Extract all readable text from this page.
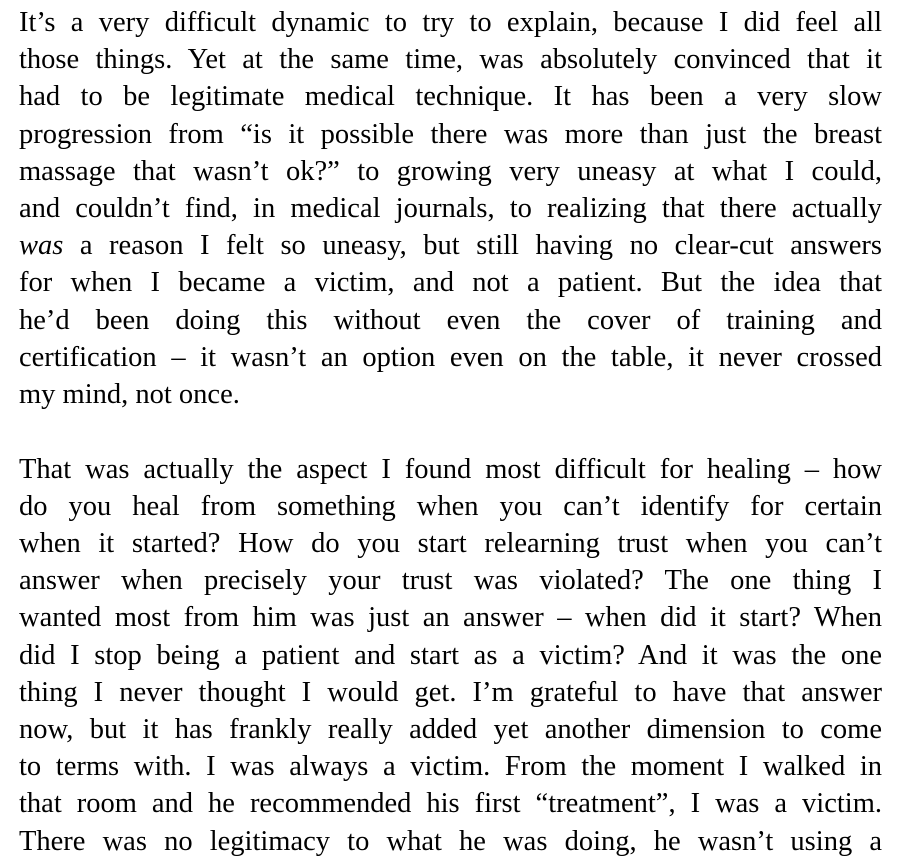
It’s a very difficult dynamic to try to explain, because I did feel all
those things. Yet at the same time, was absolutely convinced that it
had to be legitimate medical technique. It has been a very slow
progression from “is it possible there was more than just the breast
massage that wasn’t ok?” to growing very uneasy at what I could,
and couldn’t find, in medical journals, to realizing that there actually
was a reason I felt so uneasy, but still having no clear-cut answers
for when I became a victim, and not a patient. But the idea that
he’d been doing this without even the cover of training and
certification – it wasn’t an option even on the table, it never crossed
my mind, not once.

That was actually the aspect I found most difficult for healing – how
do you heal from something when you can’t identify for certain
when it started? How do you start relearning trust when you can’t
answer when precisely your trust was violated? The one thing I
wanted most from him was just an answer – when did it start? When
did I stop being a patient and start as a victim? And it was the one
thing I never thought I would get. I’m grateful to have that answer
now, but it has frankly really added yet another dimension to come
to terms with. I was always a victim. From the moment I walked in
that room and he recommended his first “treatment”, I was a victim.
There was no legitimacy to what he was doing, he wasn’t using a
